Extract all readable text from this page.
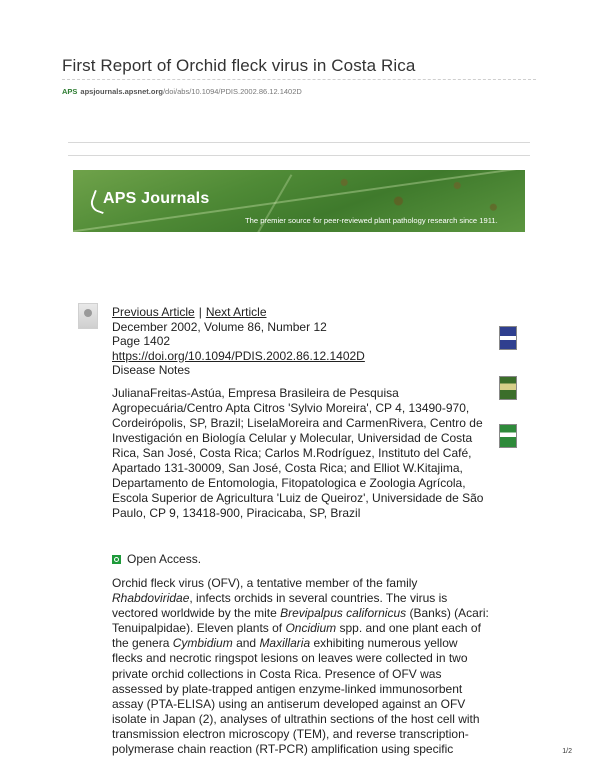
First Report of Orchid fleck virus in Costa Rica
APS apsjournals.apsnet.org/doi/abs/10.1094/PDIS.2002.86.12.1402D
APS Journals
The premier source for peer-reviewed plant pathology research since 1911.
Previous Article | Next Article
December 2002, Volume 86, Number 12
Page 1402
https://doi.org/10.1094/PDIS.2002.86.12.1402D
Disease Notes
JulianaFreitas-Astúa, Empresa Brasileira de Pesquisa
Agropecuária/Centro Apta Citros 'Sylvio Moreira', CP 4, 13490-970,
Cordeirópolis, SP, Brazil; LiselaMoreira and CarmenRivera, Centro de
Investigación en Biología Celular y Molecular, Universidad de Costa
Rica, San José, Costa Rica; Carlos M.Rodríguez, Instituto del Café,
Apartado 131-30009, San José, Costa Rica; and Elliot W.Kitajima,
Departamento de Entomologia, Fitopatologica e Zoologia Agrícola,
Escola Superior de Agricultura 'Luiz de Queiroz', Universidade de São
Paulo, CP 9, 13418-900, Piracicaba, SP, Brazil
Open Access.
Orchid fleck virus (OFV), a tentative member of the family
Rhabdoviridae, infects orchids in several countries. The virus is
vectored worldwide by the mite Brevipalpus californicus (Banks) (Acari:
Tenuipalpidae). Eleven plants of Oncidium spp. and one plant each of
the genera Cymbidium and Maxillaria exhibiting numerous yellow
flecks and necrotic ringspot lesions on leaves were collected in two
private orchid collections in Costa Rica. Presence of OFV was
assessed by plate-trapped antigen enzyme-linked immunosorbent
assay (PTA-ELISA) using an antiserum developed against an OFV
isolate in Japan (2), analyses of ultrathin sections of the host cell with
transmission electron microscopy (TEM), and reverse transcription-
polymerase chain reaction (RT-PCR) amplification using specific	1/2
